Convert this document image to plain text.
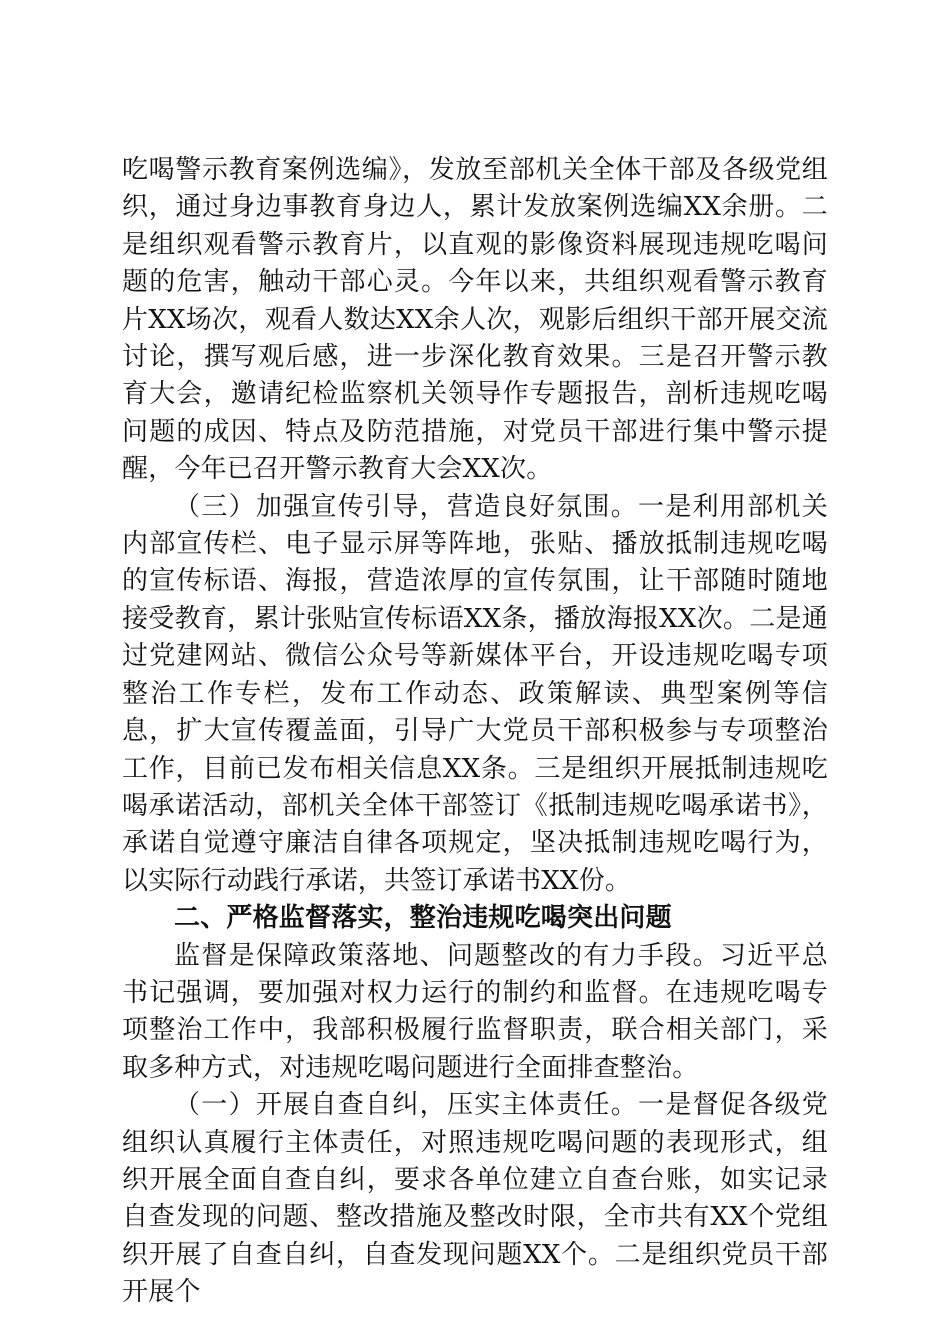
吃喝警示教育案例选编》，发放至部机关全体干部及各级党组织，通过身边事教育身边人，累计发放案例选编XX余册。二是组织观看警示教育片，以直观的影像资料展现违规吃喝问题的危害，触动干部心灵。今年以来，共组织观看警示教育片XX场次，观看人数达XX余人次，观影后组织干部开展交流讨论，撰写观后感，进一步深化教育效果。三是召开警示教育大会，邀请纪检监察机关领导作专题报告，剖析违规吃喝问题的成因、特点及防范措施，对党员干部进行集中警示提醒，今年已召开警示教育大会XX次。

（三）加强宣传引导，营造良好氛围。一是利用部机关内部宣传栏、电子显示屏等阵地，张贴、播放抵制违规吃喝的宣传标语、海报，营造浓厚的宣传氛围，让干部随时随地接受教育，累计张贴宣传标语XX条，播放海报XX次。二是通过党建网站、微信公众号等新媒体平台，开设违规吃喝专项整治工作专栏，发布工作动态、政策解读、典型案例等信息，扩大宣传覆盖面，引导广大党员干部积极参与专项整治工作，目前已发布相关信息XX条。三是组织开展抵制违规吃喝承诺活动，部机关全体干部签订《抵制违规吃喝承诺书》，承诺自觉遵守廉洁自律各项规定，坚决抵制违规吃喝行为，以实际行动践行承诺，共签订承诺书XX份。

二、严格监督落实，整治违规吃喝突出问题

监督是保障政策落地、问题整改的有力手段。习近平总书记强调，要加强对权力运行的制约和监督。在违规吃喝专项整治工作中，我部积极履行监督职责，联合相关部门，采取多种方式，对违规吃喝问题进行全面排查整治。

（一）开展自查自纠，压实主体责任。一是督促各级党组织认真履行主体责任，对照违规吃喝问题的表现形式，组织开展全面自查自纠，要求各单位建立自查台账，如实记录自查发现的问题、整改措施及整改时限，全市共有XX个党组织开展了自查自纠，自查发现问题XX个。二是组织党员干部开展个
